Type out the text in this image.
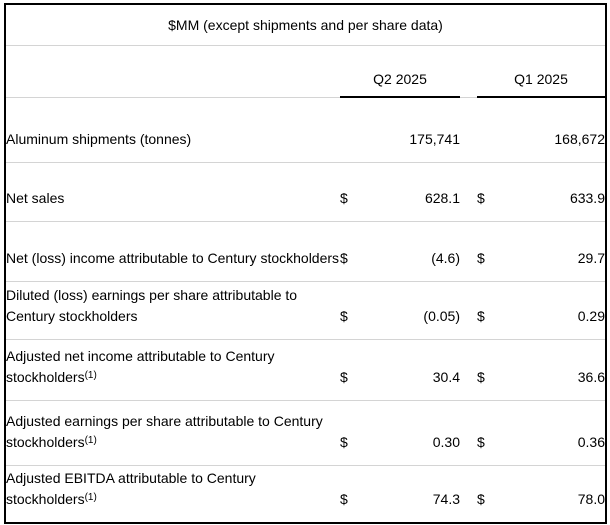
$MM (except shipments and per share data)					
	Q2 2025			Q1 2025	
Aluminum shipments (tonnes)		175,741			168,672
Net sales	$	628.1		$	633.9
Net (loss) income attributable to Century stockholders	$	(4.6)		$	29.7
Diluted (loss) earnings per share attributable to Century stockholders	$	(0.05)		$	0.29
Adjusted net income attributable to Century stockholders$^{(1)}$	$	30.4		$	36.6
Adjusted earnings per share attributable to Century stockholders$^{(1)}$	$	0.30		$	0.36
Adjusted EBITDA attributable to Century stockholders$^{(1)}$	$	74.3		$	78.0
